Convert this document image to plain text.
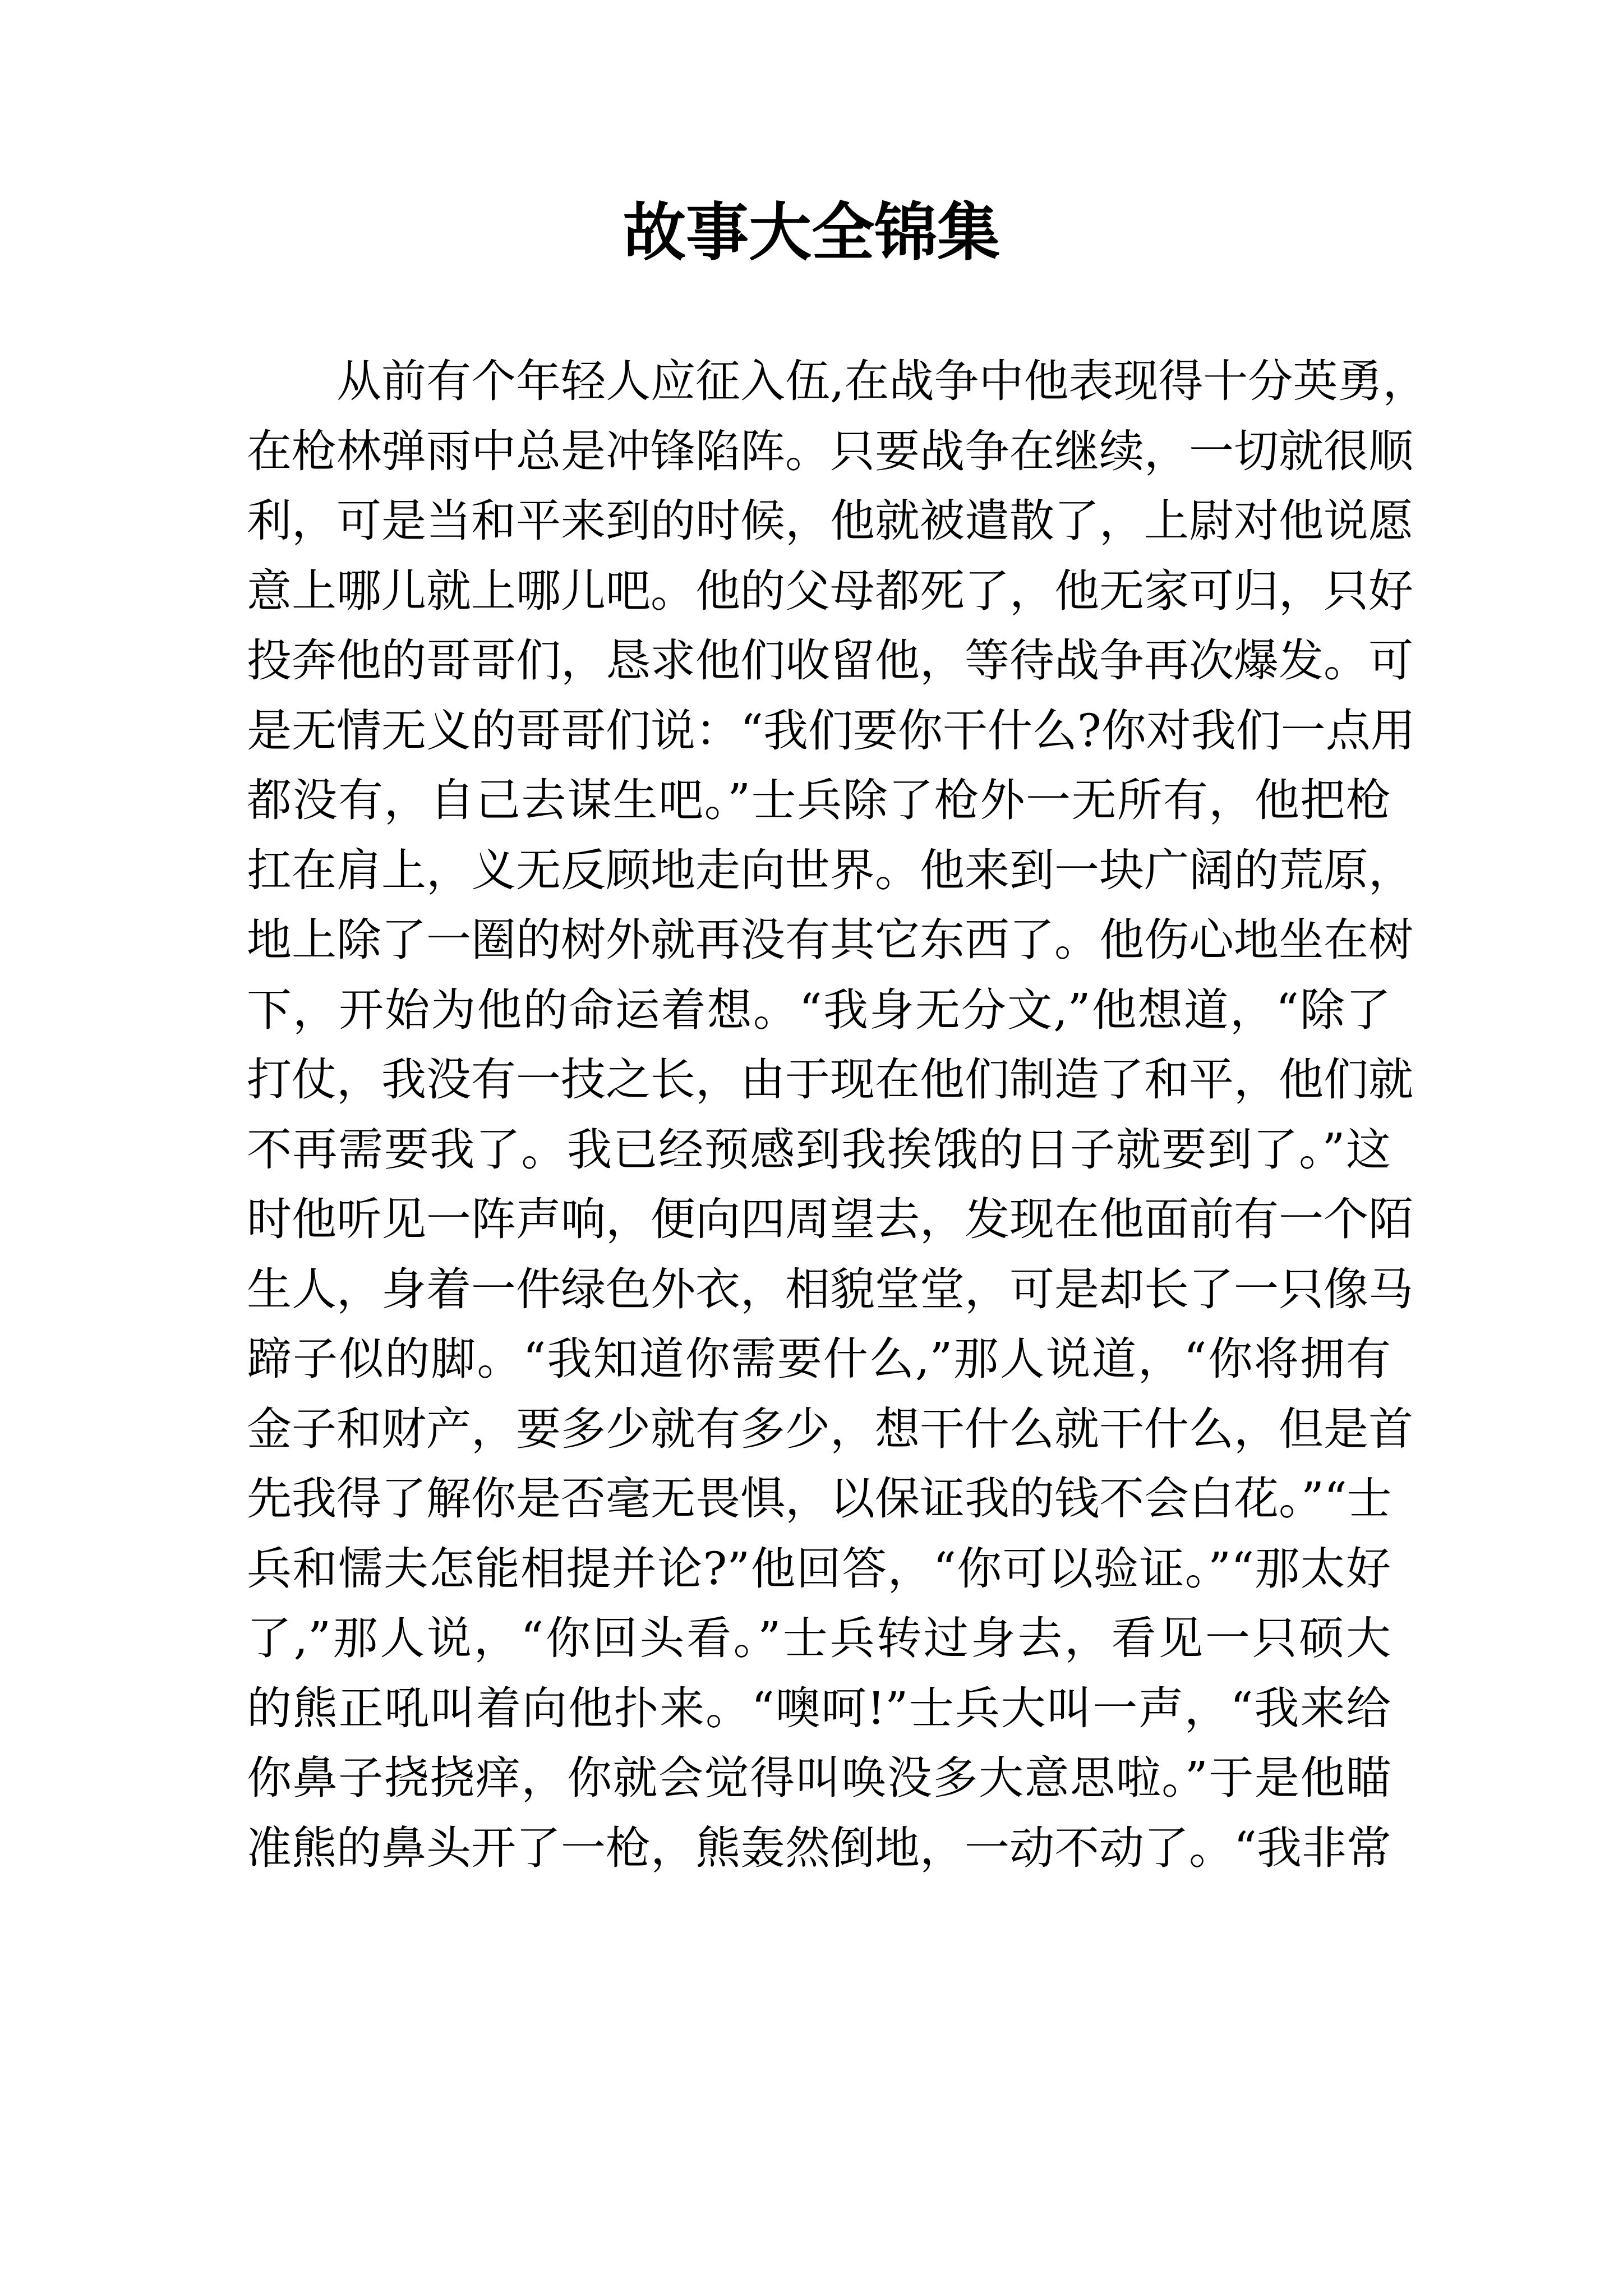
故事大全锦集
从前有个年轻人应征入伍,在战争中他表现得十分英勇，
在枪林弹雨中总是冲锋陷阵。只要战争在继续，一切就很顺
利，可是当和平来到的时候，他就被遣散了，上尉对他说愿
意上哪儿就上哪儿吧。他的父母都死了，他无家可归，只好
投奔他的哥哥们，恳求他们收留他，等待战争再次爆发。可
是无情无义的哥哥们说：“我们要你干什么?你对我们一点用
都没有，自己去谋生吧。”士兵除了枪外一无所有，他把枪
扛在肩上，义无反顾地走向世界。他来到一块广阔的荒原，
地上除了一圈的树外就再没有其它东西了。他伤心地坐在树
下，开始为他的命运着想。“我身无分文,”他想道，“除了
打仗，我没有一技之长，由于现在他们制造了和平，他们就
不再需要我了。我已经预感到我挨饿的日子就要到了。”这
时他听见一阵声响，便向四周望去，发现在他面前有一个陌
生人，身着一件绿色外衣，相貌堂堂，可是却长了一只像马
蹄子似的脚。“我知道你需要什么,”那人说道，“你将拥有
金子和财产，要多少就有多少，想干什么就干什么，但是首
先我得了解你是否毫无畏惧，以保证我的钱不会白花。”“士
兵和懦夫怎能相提并论?”他回答，“你可以验证。”“那太好
了,”那人说，“你回头看。”士兵转过身去，看见一只硕大
的熊正吼叫着向他扑来。“噢呵!”士兵大叫一声，“我来给
你鼻子挠挠痒，你就会觉得叫唤没多大意思啦。”于是他瞄
准熊的鼻头开了一枪，熊轰然倒地，一动不动了。“我非常
